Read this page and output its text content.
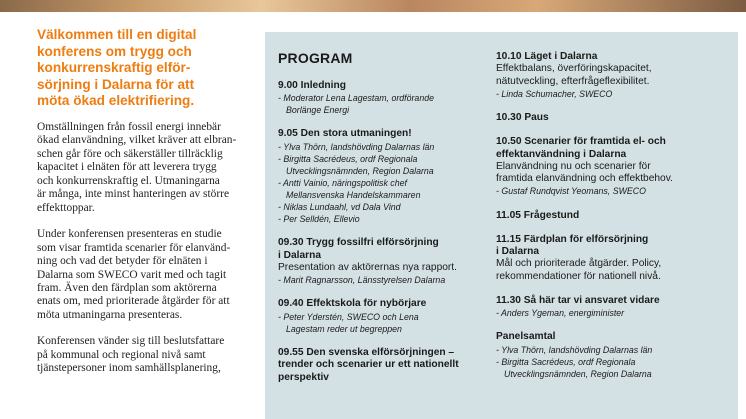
Välkommen till en digital
konferens om trygg och
konkurrenskraftig elför-
sörjning i Dalarna för att
möta ökad elektrifiering.

Omställningen från fossil energi innebär
ökad elanvändning, vilket kräver att elbran-
schen går före och säkerställer tillräcklig
kapacitet i elnäten för att leverera trygg
och konkurrenskraftig el. Utmaningarna
är många, inte minst hanteringen av större
effekttoppar.

Under konferensen presenteras en studie
som visar framtida scenarier för elanvänd-
ning och vad det betyder för elnäten i
Dalarna som SWECO varit med och tagit
fram. Även den färdplan som aktörerna
enats om, med prioriterade åtgärder för att
möta utmaningarna presenteras.

Konferensen vänder sig till beslutsfattare
på kommunal och regional nivå samt
tjänstepersoner inom samhällsplanering,

PROGRAM
9.00 Inledning
- Moderator Lena Lagestam, ordförande
Borlänge Energi
9.05 Den stora utmaningen!
- Ylva Thörn, landshövding Dalarnas län
- Birgitta Sacrédeus, ordf Regionala
Utvecklingsnämnden, Region Dalarna
- Antti Vainio, näringspolitisk chef
Mellansvenska Handelskammaren
- Niklas Lundaahl, vd Dala Vind
- Per Selldén, Ellevio
09.30 Trygg fossilfri elförsörjning
i Dalarna
Presentation av aktörernas nya rapport.
- Marit Ragnarsson, Länsstyrelsen Dalarna
09.40 Effektskola för nybörjare
- Peter Yderstén, SWECO och Lena
Lagestam reder ut begreppen
09.55 Den svenska elförsörjningen –
trender och scenarier ur ett nationellt
perspektiv
10.10 Läget i Dalarna
Effektbalans, överföringskapacitet,
nätutveckling, efterfrågeflexibilitet.
- Linda Schumacher, SWECO
10.30 Paus
10.50 Scenarier för framtida el- och
effektanvändning i Dalarna
Elanvändning nu och scenarier för
framtida elanvändning och effektbehov.
- Gustaf Rundqvist Yeomans, SWECO
11.05 Frågestund
11.15 Färdplan för elförsörjning
i Dalarna
Mål och prioriterade åtgärder. Policy,
rekommendationer för nationell nivå.
11.30 Så här tar vi ansvaret vidare
- Anders Ygeman, energiminister
Panelsamtal
- Ylva Thörn, landshövding Dalarnas län
- Birgitta Sacrédeus, ordf Regionala
Utvecklingsnämnden, Region Dalarna
